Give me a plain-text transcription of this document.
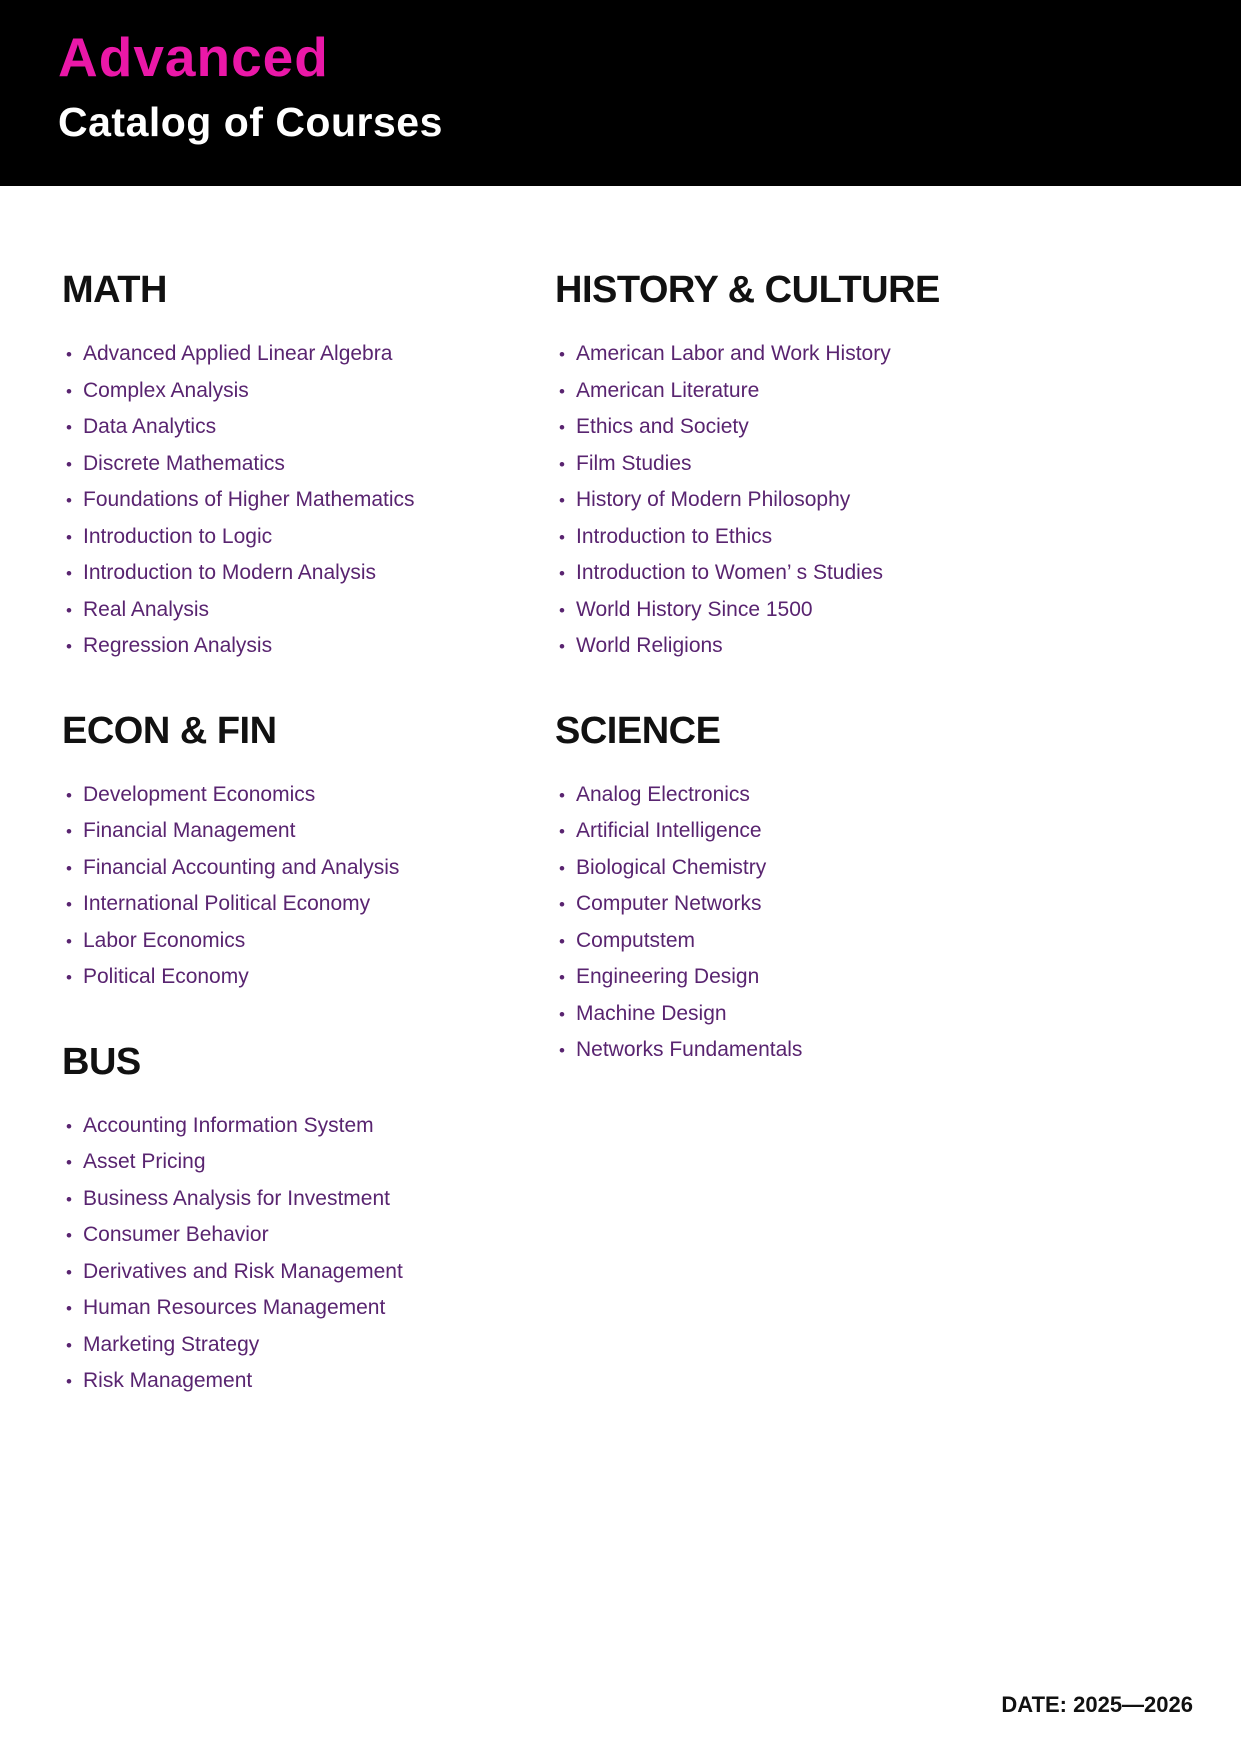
Advanced
Catalog of Courses
MATH
• Advanced Applied Linear Algebra
• Complex Analysis
• Data Analytics
• Discrete Mathematics
• Foundations of Higher Mathematics
• Introduction to Logic
• Introduction to Modern Analysis
• Real Analysis
• Regression Analysis
ECON & FIN
• Development Economics
• Financial Management
• Financial Accounting and Analysis
• International Political Economy
• Labor Economics
• Political Economy
BUS
• Accounting Information System
• Asset Pricing
• Business Analysis for Investment
• Consumer Behavior
• Derivatives and Risk Management
• Human Resources Management
• Marketing Strategy
• Risk Management
HISTORY & CULTURE
• American Labor and Work History
• American Literature
• Ethics and Society
• Film Studies
• History of Modern Philosophy
• Introduction to Ethics
• Introduction to Women’ s Studies
• World History Since 1500
• World Religions
SCIENCE
• Analog Electronics
• Artificial Intelligence
• Biological Chemistry
• Computer Networks
• Computstem
• Engineering Design
• Machine Design
• Networks Fundamentals
DATE: 2025—2026
